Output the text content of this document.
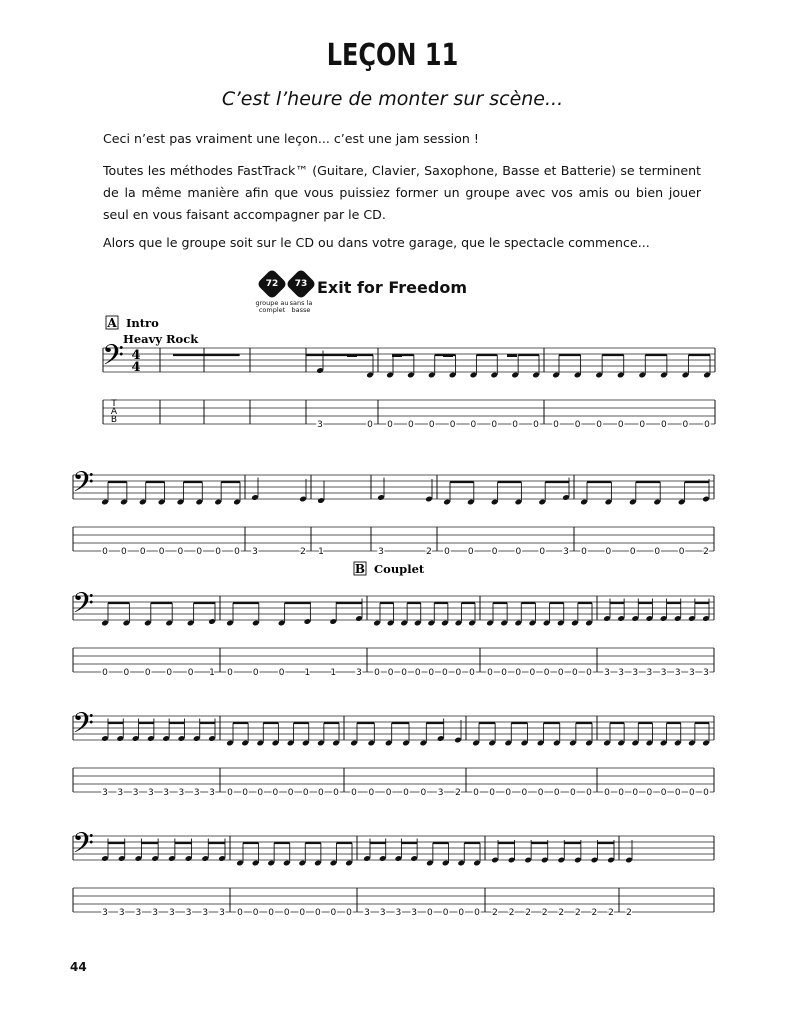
LEÇON 11
C’est l’heure de monter sur scène...

Ceci n’est pas vraiment une leçon... c’est une jam session !

Toutes les méthodes FastTrack™ (Guitare, Clavier, Saxophone, Basse et Batterie) se terminent de la même manière afin que vous puissiez former un groupe avec vos amis ou bien jouer seul en vous faisant accompagner par le CD.

Alors que le groupe soit sur le CD ou dans votre garage, que le spectacle commence...

72
groupe au complet
73
sans la basse
Exit for Freedom
𝄢
T
A
B
4
4
3	0 0 0 0 0 0 0 0 0 0 0 0 0 0 0 0 0
𝄢
0 0 0 0 0 0 0 0 3	2 1	3	2 0 0 0 0 0 3 0 0 0 0 0 2
𝄢
0 0 0 0 0 1 0 0 0 1 1 3 0 0 0 0 0 0 0 0 0 0 0 0 0 0 0 0 3 3 3 3 3 3 3 3
𝄢
3 3 3 3 3 3 3 3 0 0 0 0 0 0 0 0 0 0 0 0 0 3 2 0 0 0 0 0 0 0 0 0 0 0 0 0 0 0 0
𝄢
3 3 3 3 3 3 3 3 0 0 0 0 0 0 0 0 3 3 3 3 0 0 0 0 2 2 2 2 2 2 2 2 2
A Intro
Heavy Rock
B Couplet
44
